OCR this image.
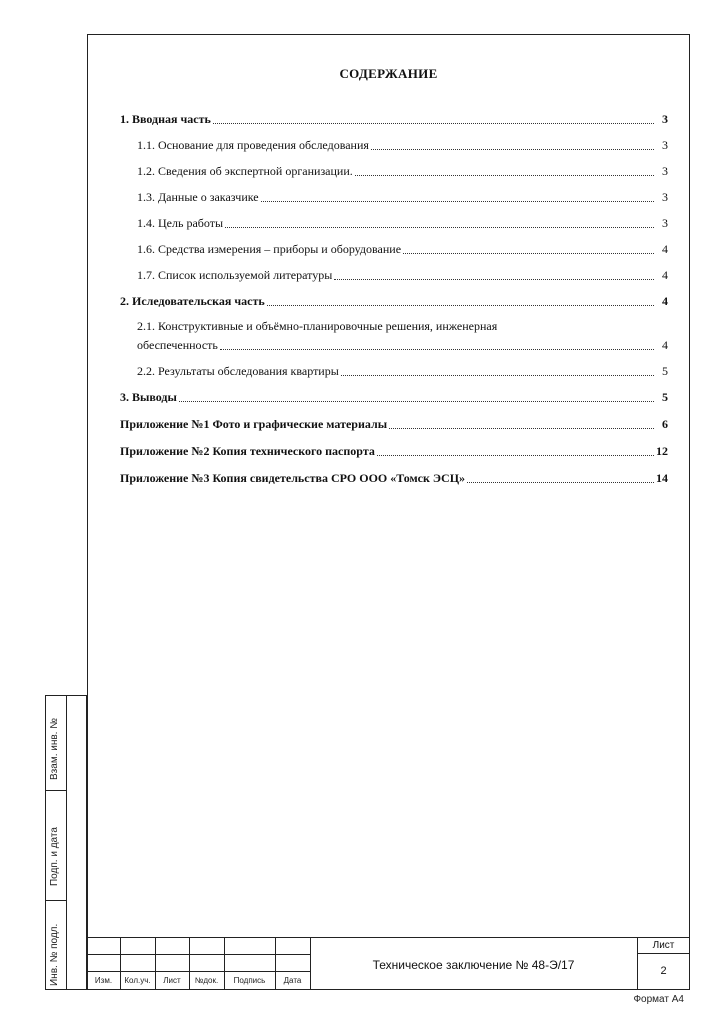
СОДЕРЖАНИЕ
1. Вводная часть	3
1.1. Основание для проведения обследования	3
1.2. Сведения об экспертной организации.	3
1.3. Данные о заказчике	3
1.4. Цель работы	3
1.6. Средства измерения – приборы и оборудование	4
1.7. Список используемой литературы	4
2. Иследовательская часть	4
2.1. Конструктивные и объёмно-планировочные решения, инженерная
обеспеченность	4
2.2. Результаты обследования квартиры	5
3. Выводы	5
Приложение №1 Фото и графические материалы	6
Приложение №2 Копия технического паспорта	12
Приложение №3 Копия свидетельства СРО ООО «Томск ЭСЦ»	14
Взам. инв. №
Подп. и дата
Инв. № подл.	Изм.	Кол.уч.	Лист	№док.	Подпись	Дата
Техническое заключение № 48-Э/17
Лист
2
Формат А4
